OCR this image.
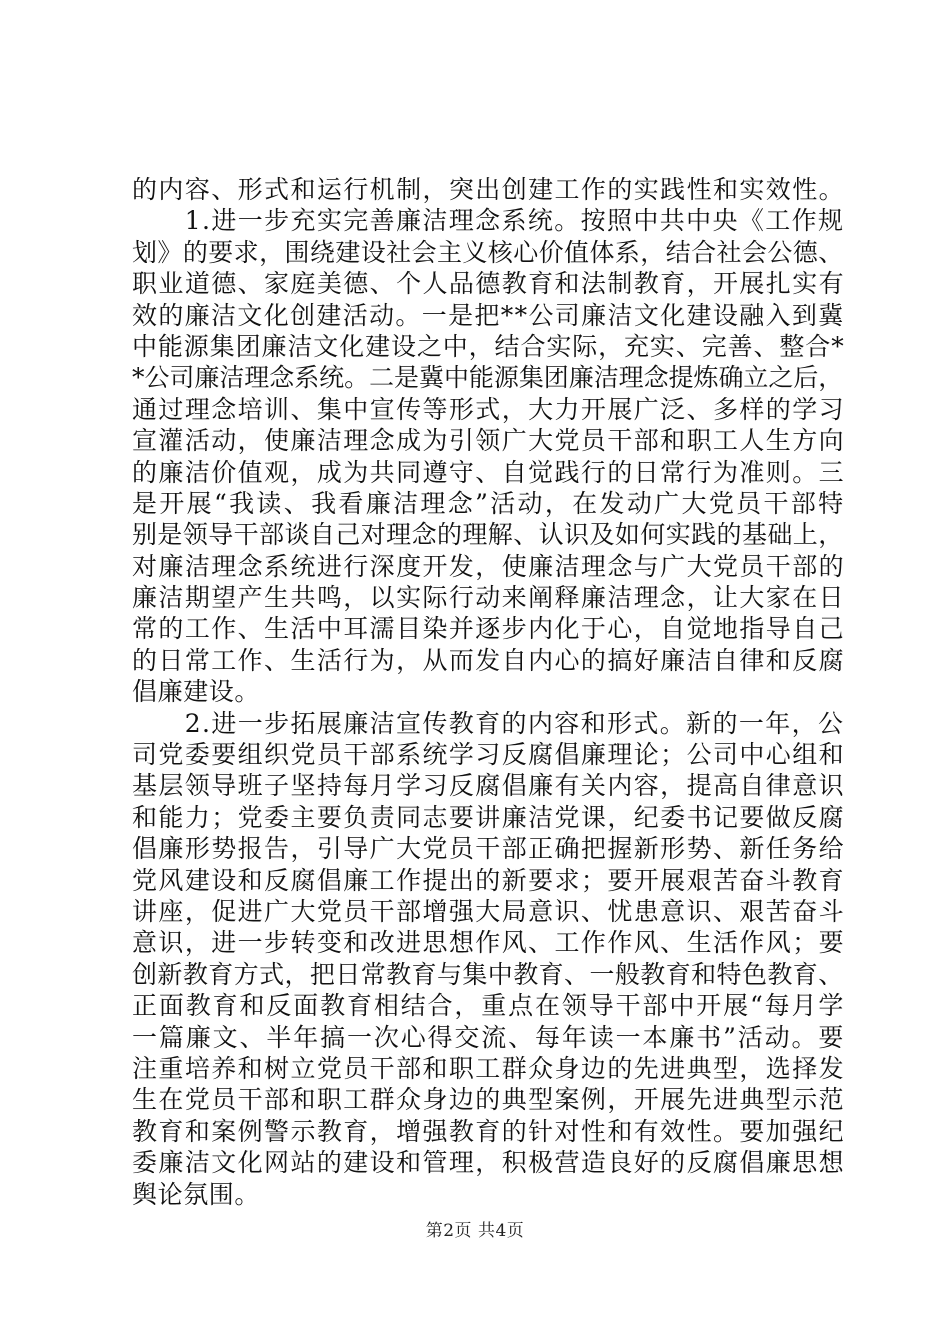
的内容、形式和运行机制，突出创建工作的实践性和实效性。
　　1.进一步充实完善廉洁理念系统。按照中共中央《工作规
划》的要求，围绕建设社会主义核心价值体系，结合社会公德、
职业道德、家庭美德、个人品德教育和法制教育，开展扎实有
效的廉洁文化创建活动。一是把**公司廉洁文化建设融入到冀
中能源集团廉洁文化建设之中，结合实际，充实、完善、整合*
*公司廉洁理念系统。二是冀中能源集团廉洁理念提炼确立之后，
通过理念培训、集中宣传等形式，大力开展广泛、多样的学习
宣灌活动，使廉洁理念成为引领广大党员干部和职工人生方向
的廉洁价值观，成为共同遵守、自觉践行的日常行为准则。三
是开展“我读、我看廉洁理念”活动，在发动广大党员干部特
别是领导干部谈自己对理念的理解、认识及如何实践的基础上，
对廉洁理念系统进行深度开发，使廉洁理念与广大党员干部的
廉洁期望产生共鸣，以实际行动来阐释廉洁理念，让大家在日
常的工作、生活中耳濡目染并逐步内化于心，自觉地指导自己
的日常工作、生活行为，从而发自内心的搞好廉洁自律和反腐
倡廉建设。
　　2.进一步拓展廉洁宣传教育的内容和形式。新的一年，公
司党委要组织党员干部系统学习反腐倡廉理论；公司中心组和
基层领导班子坚持每月学习反腐倡廉有关内容，提高自律意识
和能力；党委主要负责同志要讲廉洁党课，纪委书记要做反腐
倡廉形势报告，引导广大党员干部正确把握新形势、新任务给
党风建设和反腐倡廉工作提出的新要求；要开展艰苦奋斗教育
讲座，促进广大党员干部增强大局意识、忧患意识、艰苦奋斗
意识，进一步转变和改进思想作风、工作作风、生活作风；要
创新教育方式，把日常教育与集中教育、一般教育和特色教育、
正面教育和反面教育相结合，重点在领导干部中开展“每月学
一篇廉文、半年搞一次心得交流、每年读一本廉书”活动。要
注重培养和树立党员干部和职工群众身边的先进典型，选择发
生在党员干部和职工群众身边的典型案例，开展先进典型示范
教育和案例警示教育，增强教育的针对性和有效性。要加强纪
委廉洁文化网站的建设和管理，积极营造良好的反腐倡廉思想
舆论氛围。
第2页 共4页
